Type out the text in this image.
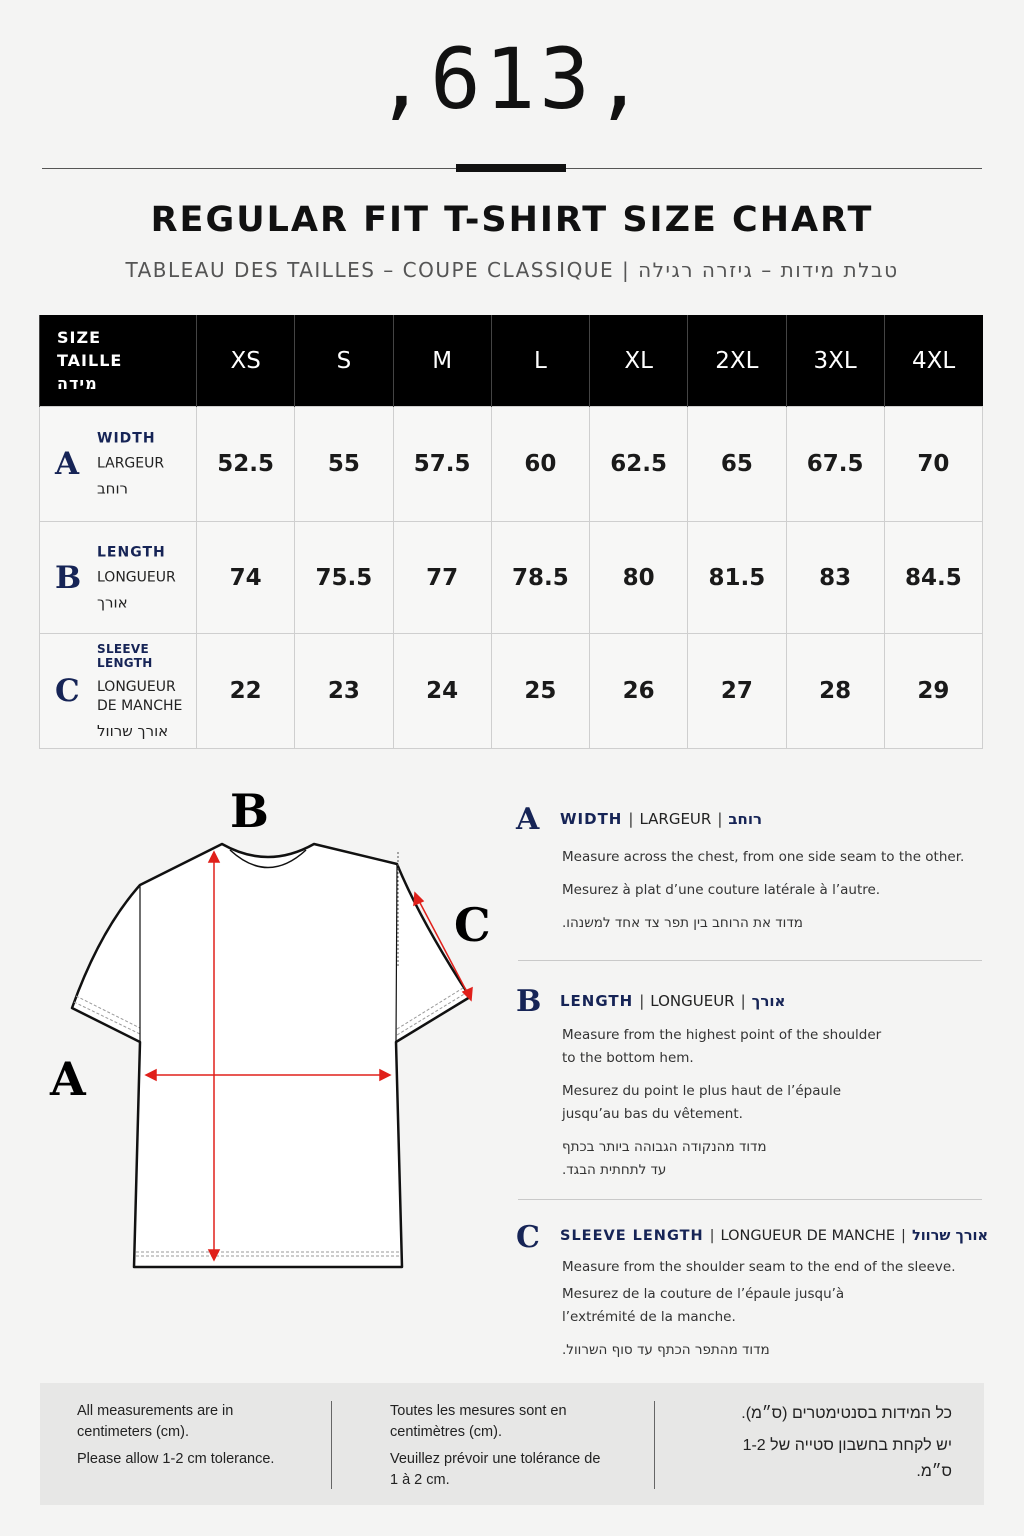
,613,
REGULAR FIT T-SHIRT SIZE CHART
TABLEAU DES TAILLES – COUPE CLASSIQUE | טבלת מידות – גיזרה רגילה
SIZE
TAILLE
מידה	XS	S	M	L	XL	2XL	3XL	4XL

A
WIDTH
LARGEUR
רוחב	52.5	55	57.5	60	62.5	65	67.5	70

B
LENGTH
LONGUEUR
אורך	74	75.5	77	78.5	80	81.5	83	84.5

C
SLEEVE LENGTH
LONGUEUR DE MANCHE
אורך שרוול	22	23	24	25	26	27	28	29
B
C
A
A WIDTH | LARGEUR | רוחב

Measure across the chest, from one side seam to the other.

Mesurez à plat d’une couture latérale à l’autre.

מדוד את הרוחב בין תפר צד אחד למשנהו.

B LENGTH | LONGUEUR | אורך

Measure from the highest point of the shoulder

to the bottom hem.

Mesurez du point le plus haut de l’épaule

jusqu’au bas du vêtement.

מדוד מהנקודה הגבוהה ביותר בכתף

עד לתחתית הבגד.

C SLEEVE LENGTH | LONGUEUR DE MANCHE | אורך שרוול

Measure from the shoulder seam to the end of the sleeve.

Mesurez de la couture de l’épaule jusqu’à

l’extrémité de la manche.

מדוד מהתפר הכתף עד סוף השרוול.

All measurements are in centimeters (cm).

Please allow 1-2 cm tolerance.

Toutes les mesures sont en centimètres (cm).

Veuillez prévoir une tolérance de 1 à 2 cm.

כל המידות בסנטימטרים (ס״מ).

יש לקחת בחשבון סטייה של 1-2 ס״מ.
